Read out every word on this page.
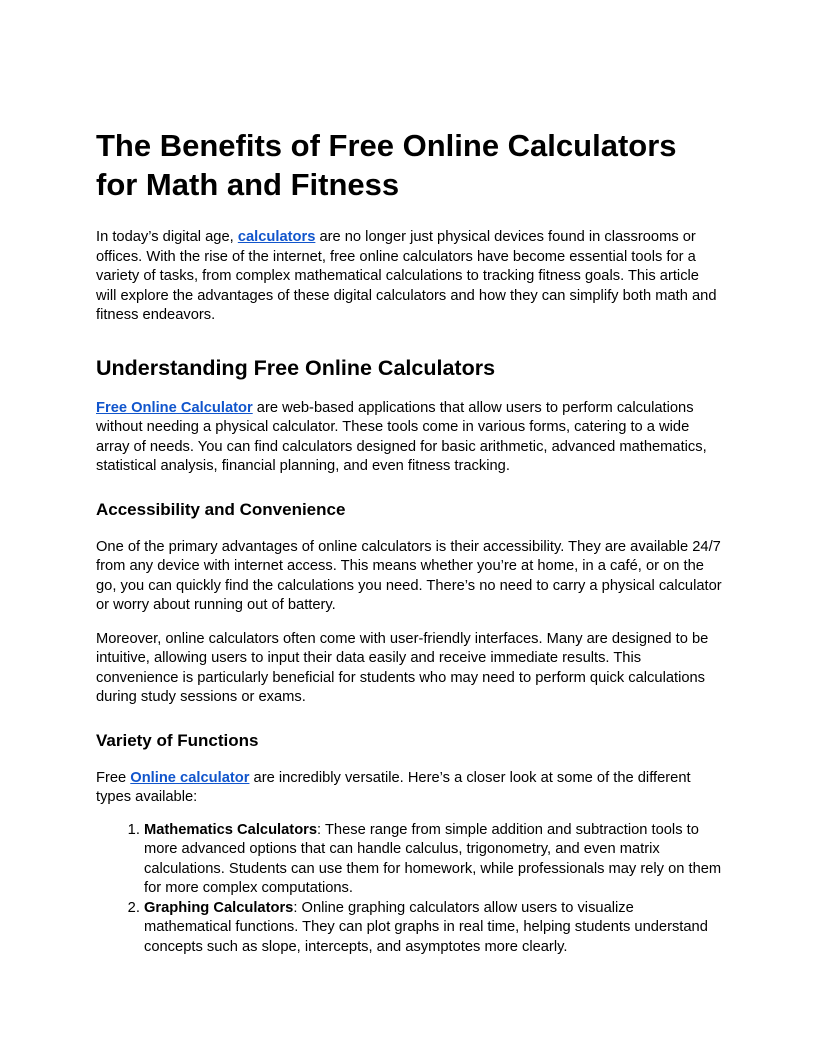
The Benefits of Free Online Calculators for Math and Fitness

In today’s digital age, calculators are no longer just physical devices found in classrooms or offices. With the rise of the internet, free online calculators have become essential tools for a variety of tasks, from complex mathematical calculations to tracking fitness goals. This article will explore the advantages of these digital calculators and how they can simplify both math and fitness endeavors.

Understanding Free Online Calculators

Free Online Calculator are web-based applications that allow users to perform calculations without needing a physical calculator. These tools come in various forms, catering to a wide array of needs. You can find calculators designed for basic arithmetic, advanced mathematics, statistical analysis, financial planning, and even fitness tracking.

Accessibility and Convenience

One of the primary advantages of online calculators is their accessibility. They are available 24/7 from any device with internet access. This means whether you’re at home, in a café, or on the go, you can quickly find the calculations you need. There’s no need to carry a physical calculator or worry about running out of battery.

Moreover, online calculators often come with user-friendly interfaces. Many are designed to be intuitive, allowing users to input their data easily and receive immediate results. This convenience is particularly beneficial for students who may need to perform quick calculations during study sessions or exams.

Variety of Functions

Free Online calculator are incredibly versatile. Here’s a closer look at some of the different types available:

1. Mathematics Calculators: These range from simple addition and subtraction tools to more advanced options that can handle calculus, trigonometry, and even matrix calculations. Students can use them for homework, while professionals may rely on them for more complex computations.
2. Graphing Calculators: Online graphing calculators allow users to visualize mathematical functions. They can plot graphs in real time, helping students understand concepts such as slope, intercepts, and asymptotes more clearly.
